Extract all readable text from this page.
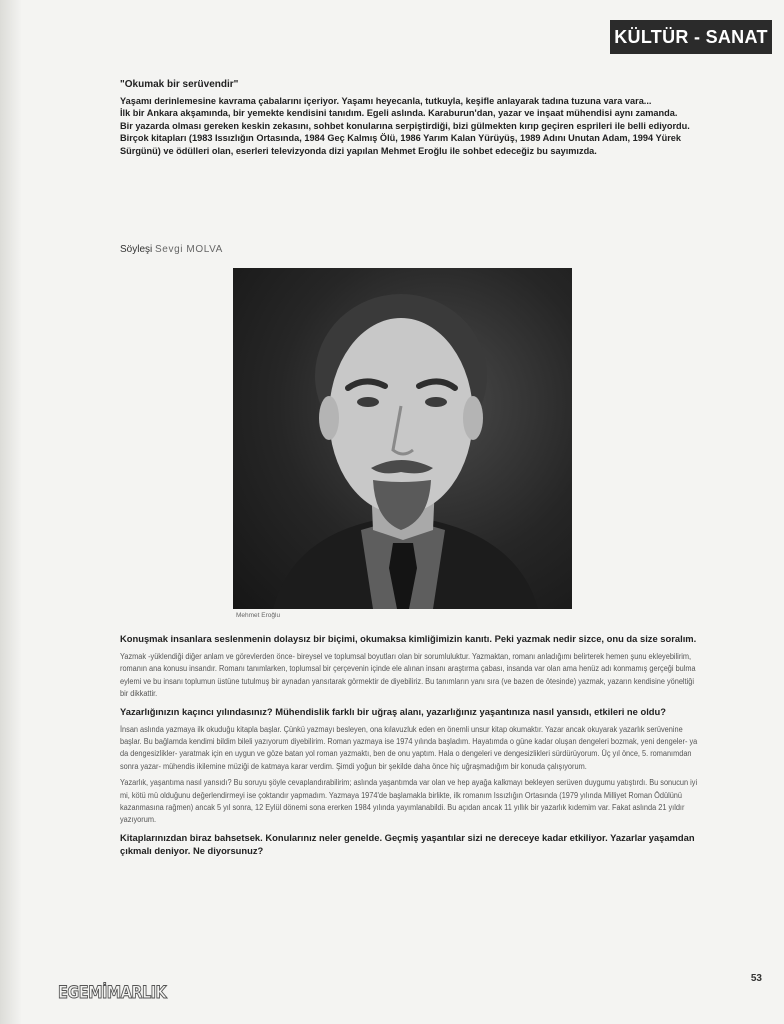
KÜLTÜR - SANAT

"Okumak bir serüvendir"

Yaşamı derinlemesine kavrama çabalarını içeriyor. Yaşamı heyecanla, tutkuyla, keşifle anlayarak tadına tuzuna vara vara...

İlk bir Ankara akşamında, bir yemekte kendisini tanıdım. Egeli aslında. Karaburun'dan, yazar ve inşaat mühendisi aynı zamanda.

Bir yazarda olması gereken keskin zekasını, sohbet konularına serpiştirdiği, bizi gülmekten kırıp geçiren esprileri ile belli ediyordu.

Birçok kitapları (1983 Issızlığın Ortasında, 1984 Geç Kalmış Ölü, 1986 Yarım Kalan Yürüyüş, 1989 Adını Unutan Adam, 1994 Yürek Sürgünü) ve ödülleri olan, eserleri televizyonda dizi yapılan Mehmet Eroğlu ile sohbet edeceğiz bu sayımızda.

Söyleşi Sevgi MOLVA
Mehmet Eroğlu

Konuşmak insanlara seslenmenin dolaysız bir biçimi, okumaksa kimliğimizin kanıtı. Peki yazmak nedir sizce, onu da size soralım.

Yazmak -yüklendiği diğer anlam ve görevlerden önce- bireysel ve toplumsal boyutları olan bir sorumluluktur. Yazmaktan, romanı anladığımı belirterek hemen şunu ekleyebilirim, romanın ana konusu insandır. Romanı tanımlarken, toplumsal bir çerçevenin içinde ele alınan insanı araştırma çabası, insanda var olan ama henüz adı konmamış gerçeği bulma eylemi ve bu insanı toplumun üstüne tutulmuş bir aynadan yansıtarak görmektir de diyebiliriz. Bu tanımların yanı sıra (ve bazen de ötesinde) yazmak, yazarın kendisine yöneltiği bir dikkattir.

Yazarlığınızın kaçıncı yılındasınız? Mühendislik farklı bir uğraş alanı, yazarlığınız yaşantınıza nasıl yansıdı, etkileri ne oldu?

İnsan aslında yazmaya ilk okuduğu kitapla başlar. Çünkü yazmayı besleyen, ona kılavuzluk eden en önemli unsur kitap okumaktır. Yazar ancak okuyarak yazarlık serüvenine başlar. Bu bağlamda kendimi bildim bileli yazıyorum diyebilirim. Roman yazmaya ise 1974 yılında başladım. Hayatımda o güne kadar oluşan dengeleri bozmak, yeni dengeler- ya da dengesizlikler- yaratmak için en uygun ve göze batan yol roman yazmaktı, ben de onu yaptım. Hala o dengeleri ve dengesizlikleri sürdürüyorum. Üç yıl önce, 5. romanımdan sonra yazar- mühendis ikilemine müziği de katmaya karar verdim. Şimdi yoğun bir şekilde daha önce hiç uğraşmadığım bir konuda çalışıyorum.

Yazarlık, yaşantıma nasıl yansıdı? Bu soruyu şöyle cevaplandırabilirim; aslında yaşantımda var olan ve hep ayağa kalkmayı bekleyen serüven duygumu yatıştırdı. Bu sonucun iyi mi, kötü mü olduğunu değerlendirmeyi ise çoktandır yapmadım. Yazmaya 1974'de başlamakla birlikte, ilk romanım Issızlığın Ortasında (1979 yılında Milliyet Roman Ödülünü kazanmasına rağmen) ancak 5 yıl sonra, 12 Eylül dönemi sona ererken 1984 yılında yayımlanabildi. Bu açıdan ancak 11 yıllık bir yazarlık kıdemim var. Fakat aslında 21 yıldır yazıyorum.

Kitaplarınızdan biraz bahsetsek. Konularınız neler genelde. Geçmiş yaşantılar sizi ne dereceye kadar etkiliyor. Yazarlar yaşamdan çıkmalı deniyor. Ne diyorsunuz?

EGEMİMARLIK
53
